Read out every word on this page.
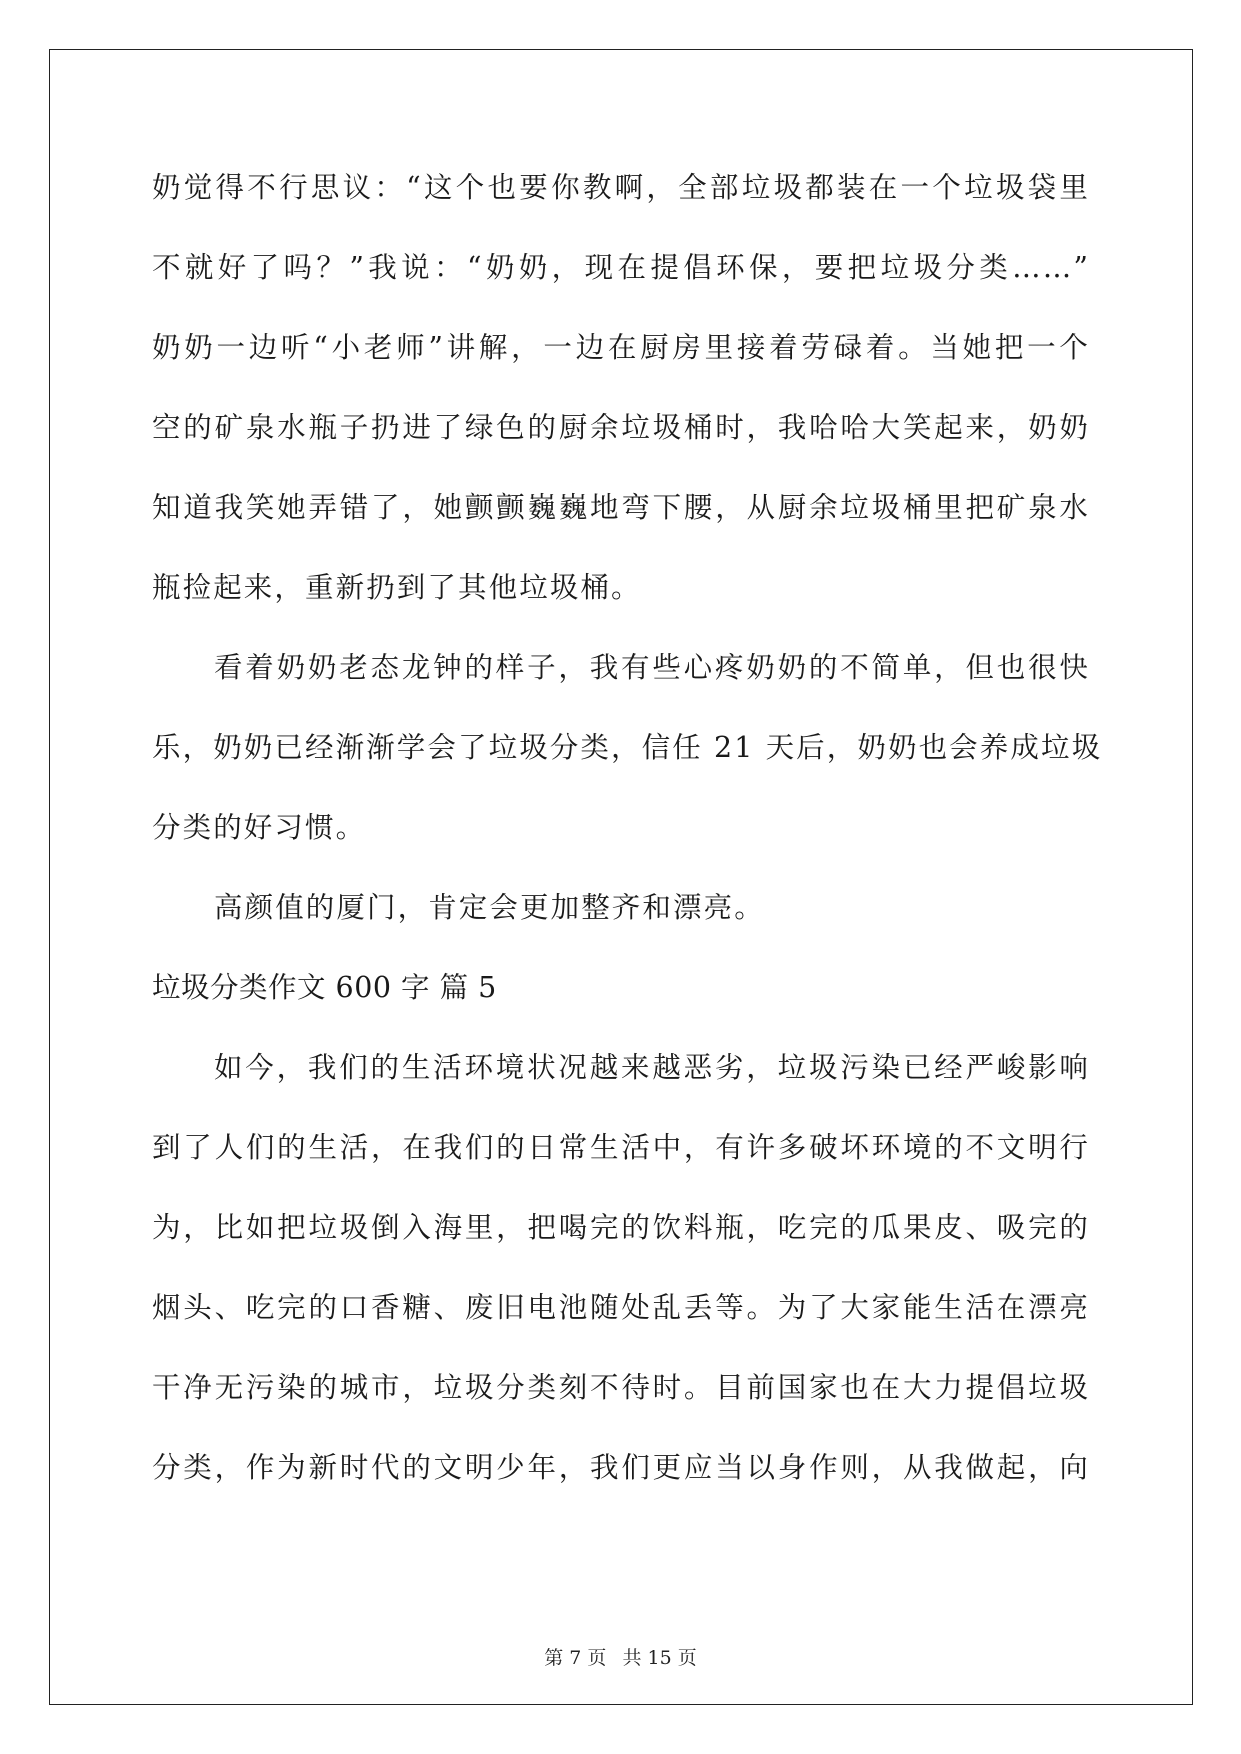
奶觉得不行思议：“这个也要你教啊，全部垃圾都装在一个垃圾袋里
不就好了吗？”我说：“奶奶，现在提倡环保，要把垃圾分类……”
奶奶一边听“小老师”讲解，一边在厨房里接着劳碌着。当她把一个
空的矿泉水瓶子扔进了绿色的厨余垃圾桶时，我哈哈大笑起来，奶奶
知道我笑她弄错了，她颤颤巍巍地弯下腰，从厨余垃圾桶里把矿泉水
瓶捡起来，重新扔到了其他垃圾桶。
看着奶奶老态龙钟的样子，我有些心疼奶奶的不简单，但也很快
乐，奶奶已经渐渐学会了垃圾分类，信任 21 天后，奶奶也会养成垃圾
分类的好习惯。
高颜值的厦门，肯定会更加整齐和漂亮。
垃圾分类作文 600 字 篇 5
如今，我们的生活环境状况越来越恶劣，垃圾污染已经严峻影响
到了人们的生活，在我们的日常生活中，有许多破坏环境的不文明行
为，比如把垃圾倒入海里，把喝完的饮料瓶，吃完的瓜果皮、吸完的
烟头、吃完的口香糖、废旧电池随处乱丢等。为了大家能生活在漂亮
干净无污染的城市，垃圾分类刻不待时。目前国家也在大力提倡垃圾
分类，作为新时代的文明少年，我们更应当以身作则，从我做起，向
第 7 页 共 15 页
